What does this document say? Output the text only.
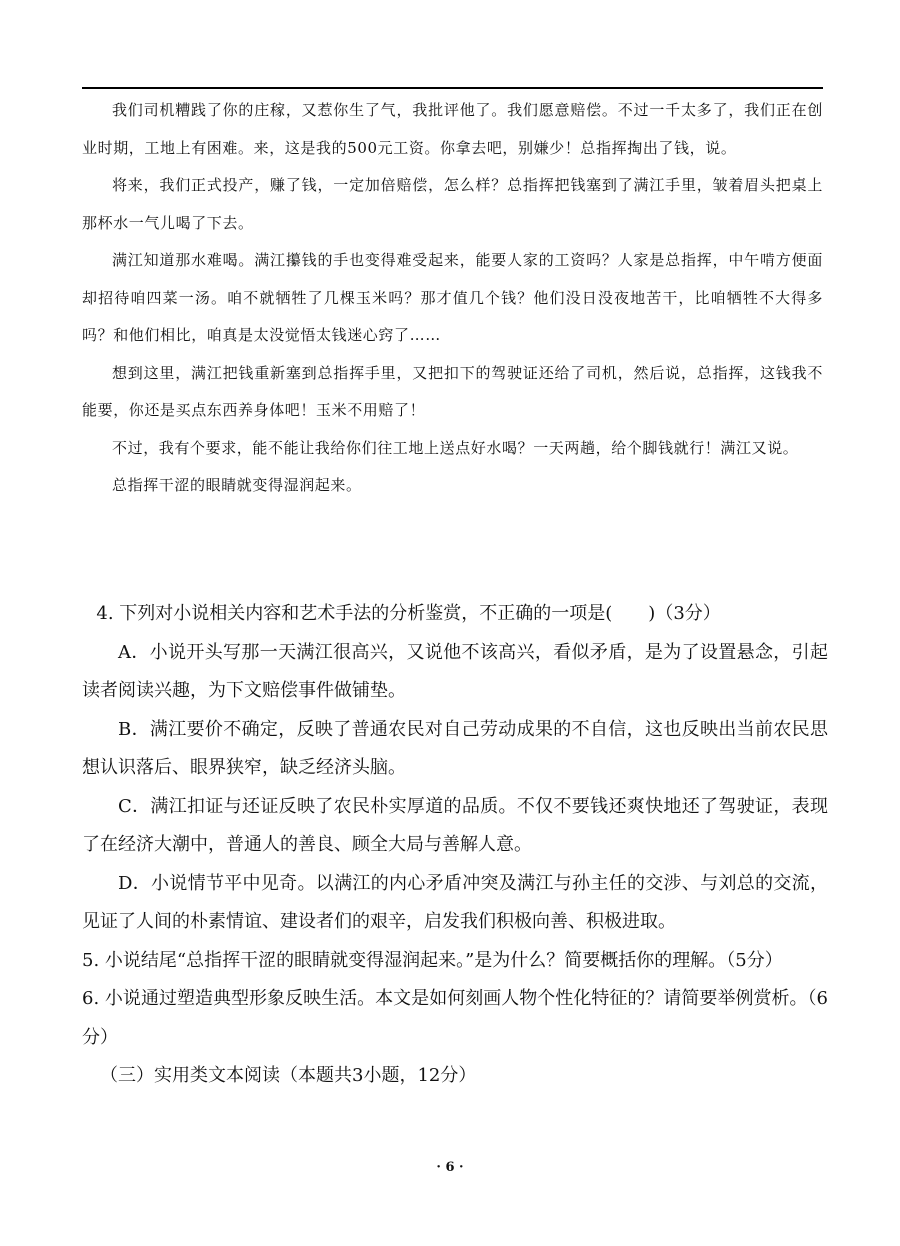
我们司机糟践了你的庄稼，又惹你生了气，我批评他了。我们愿意赔偿。不过一千太多了，我们正在创业时期，工地上有困难。来，这是我的500元工资。你拿去吧，别嫌少！总指挥掏出了钱，说。

将来，我们正式投产，赚了钱，一定加倍赔偿，怎么样？总指挥把钱塞到了满江手里，皱着眉头把桌上那杯水一气儿喝了下去。

满江知道那水难喝。满江攥钱的手也变得难受起来，能要人家的工资吗？人家是总指挥，中午啃方便面却招待咱四菜一汤。咱不就牺牲了几棵玉米吗？那才值几个钱？他们没日没夜地苦干，比咱牺牲不大得多吗？和他们相比，咱真是太没觉悟太钱迷心窍了……

想到这里，满江把钱重新塞到总指挥手里，又把扣下的驾驶证还给了司机，然后说，总指挥，这钱我不能要，你还是买点东西养身体吧！玉米不用赔了！

不过，我有个要求，能不能让我给你们往工地上送点好水喝？一天两趟，给个脚钱就行！满江又说。

总指挥干涩的眼睛就变得湿润起来。

4. 下列对小说相关内容和艺术手法的分析鉴赏，不正确的一项是(　　)（3分）

A．小说开头写那一天满江很高兴，又说他不该高兴，看似矛盾，是为了设置悬念，引起读者阅读兴趣，为下文赔偿事件做铺垫。

B．满江要价不确定，反映了普通农民对自己劳动成果的不自信，这也反映出当前农民思想认识落后、眼界狭窄，缺乏经济头脑。

C．满江扣证与还证反映了农民朴实厚道的品质。不仅不要钱还爽快地还了驾驶证，表现了在经济大潮中，普通人的善良、顾全大局与善解人意。

D．小说情节平中见奇。以满江的内心矛盾冲突及满江与孙主任的交涉、与刘总的交流，见证了人间的朴素情谊、建设者们的艰辛，启发我们积极向善、积极进取。

5. 小说结尾“总指挥干涩的眼睛就变得湿润起来。”是为什么？简要概括你的理解。（5分）

6. 小说通过塑造典型形象反映生活。本文是如何刻画人物个性化特征的？请简要举例赏析。（6分）

（三）实用类文本阅读（本题共3小题，12分）

· 6 ·
